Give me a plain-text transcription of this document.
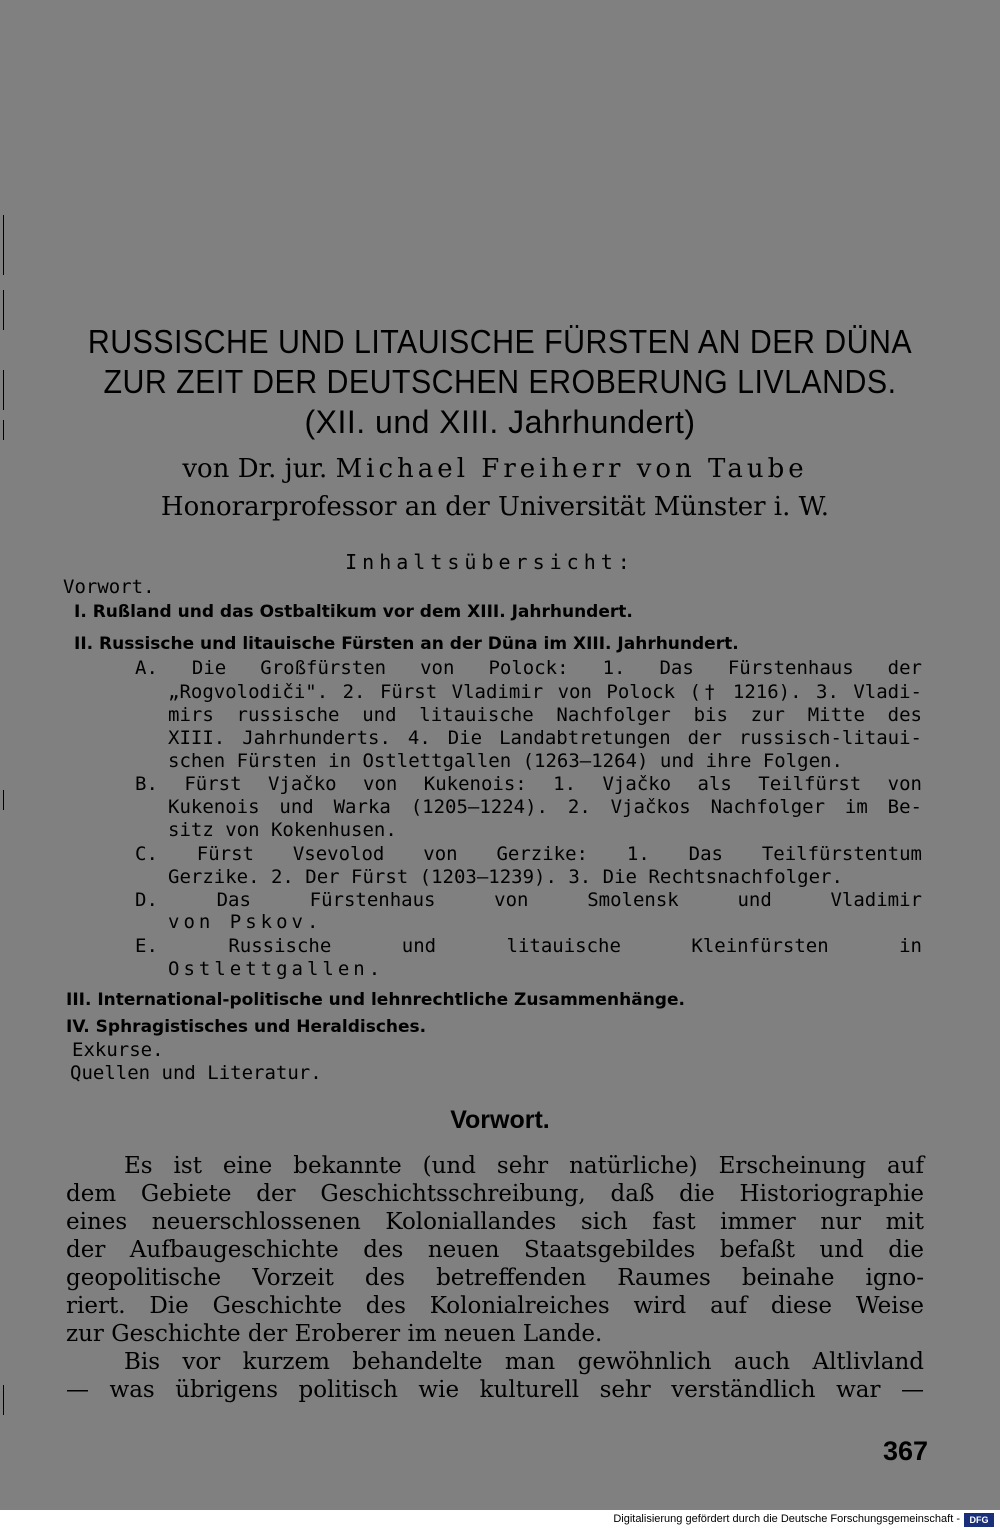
RUSSISCHE UND LITAUISCHE FÜRSTEN AN DER DÜNA
ZUR ZEIT DER DEUTSCHEN EROBERUNG LIVLANDS.
(XII. und XIII. Jahrhundert)
von Dr. jur. Michael Freiherr von Taube
Honorarprofessor an der Universität Münster i. W.
Inhaltsübersicht:
Vorwort.
I. Rußland und das Ostbaltikum vor dem XIII. Jahrhundert.
II. Russische und litauische Fürsten an der Düna im XIII. Jahrhundert.
A. Die Großfürsten von Polock: 1. Das Fürstenhaus der
„Rogvolodiči". 2. Fürst Vladimir von Polock († 1216). 3. Vladi-
mirs russische und litauische Nachfolger bis zur Mitte des
XIII. Jahrhunderts. 4. Die Landabtretungen der russisch-litaui-
schen Fürsten in Ostlettgallen (1263—1264) und ihre Folgen.
B. Fürst Vjačko von Kukenois: 1. Vjačko als Teilfürst von
Kukenois und Warka (1205—1224). 2. Vjačkos Nachfolger im Be-
sitz von Kokenhusen.
C. Fürst Vsevolod von Gerzike: 1. Das Teilfürstentum
Gerzike. 2. Der Fürst (1203—1239). 3. Die Rechtsnachfolger.
D. Das Fürstenhaus von Smolensk und Vladimir
von Pskov.
E. Russische und litauische Kleinfürsten in
Ostlettgallen.
III. International-politische und lehnrechtliche Zusammenhänge.
IV. Sphragistisches und Heraldisches.
Exkurse.
Quellen und Literatur.
Vorwort.
Es ist eine bekannte (und sehr natürliche) Erscheinung auf
dem Gebiete der Geschichtsschreibung, daß die Historiographie
eines neuerschlossenen Koloniallandes sich fast immer nur mit
der Aufbaugeschichte des neuen Staatsgebildes befaßt und die
geopolitische Vorzeit des betreffenden Raumes beinahe igno-
riert. Die Geschichte des Kolonialreiches wird auf diese Weise
zur Geschichte der Eroberer im neuen Lande.
Bis vor kurzem behandelte man gewöhnlich auch Altlivland
— was übrigens politisch wie kulturell sehr verständlich war —
367
Digitalisierung gefördert durch die Deutsche Forschungsgemeinschaft -	DFG
